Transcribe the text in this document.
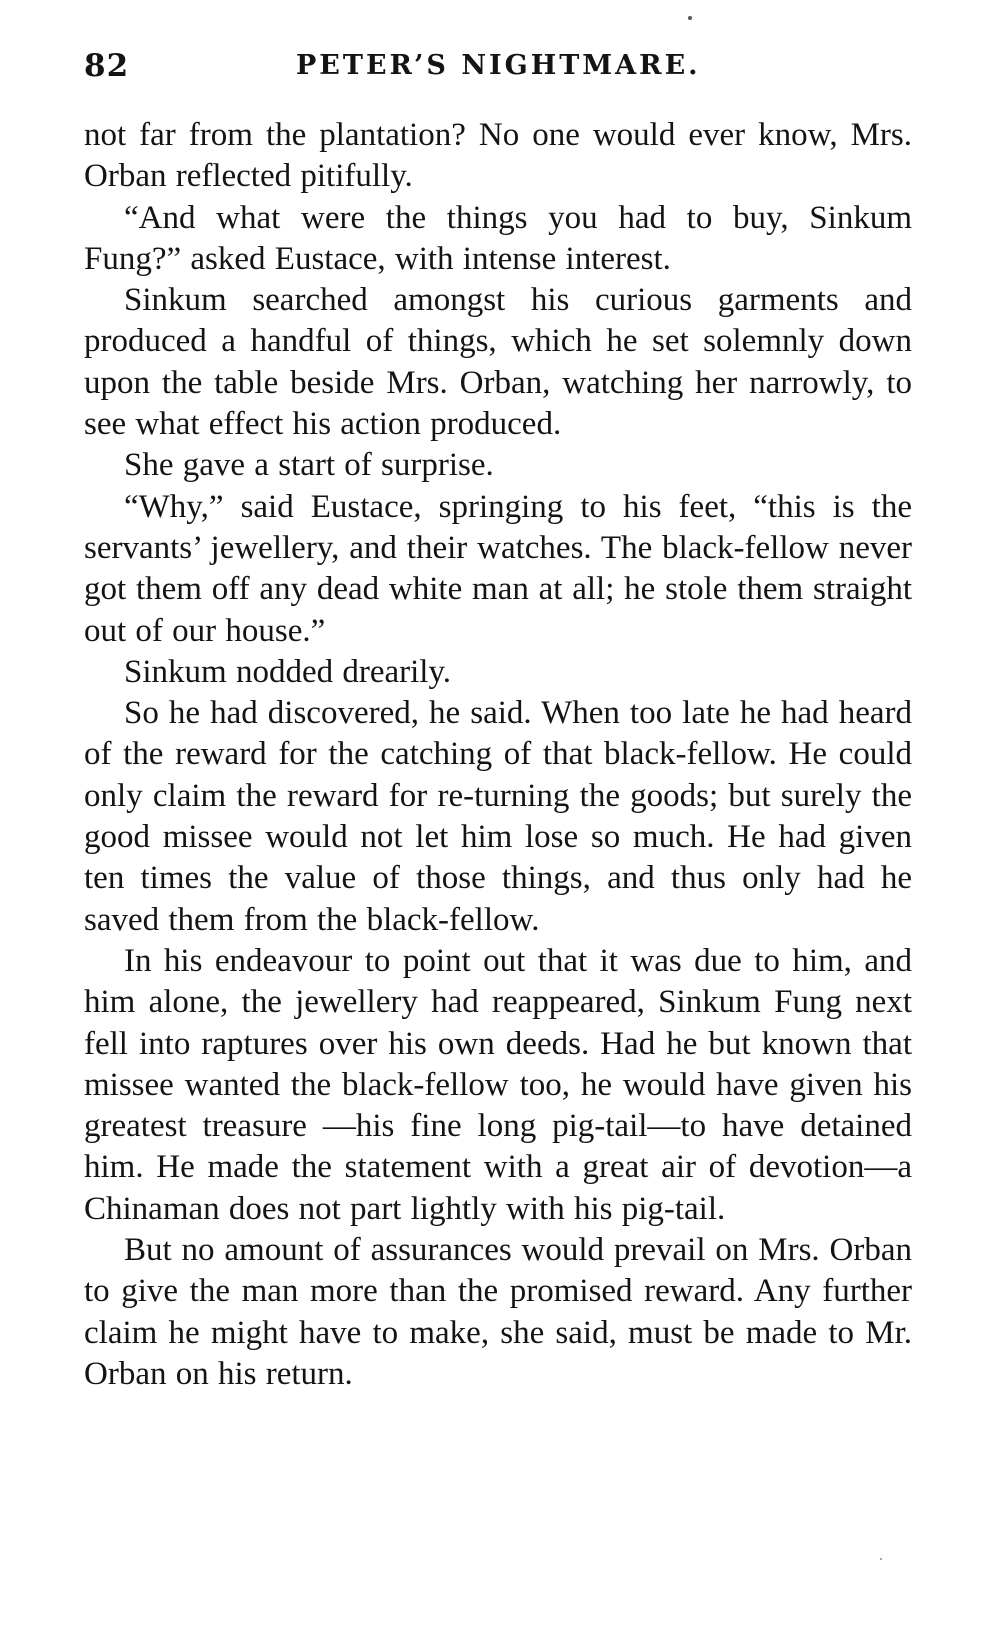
82	PETER’S NIGHTMARE.

not far from the plantation? No one would ever know, Mrs. Orban reflected pitifully.

“And what were the things you had to buy, Sinkum Fung?” asked Eustace, with intense interest.

Sinkum searched amongst his curious garments and produced a handful of things, which he set solemnly down upon the table beside Mrs. Orban, watching her narrowly, to see what effect his action produced.

She gave a start of surprise.

“Why,” said Eustace, springing to his feet, “this is the servants’ jewellery, and their watches. The black-fellow never got them off any dead white man at all; he stole them straight out of our house.”

Sinkum nodded drearily.

So he had discovered, he said. When too late he had heard of the reward for the catching of that black-fellow. He could only claim the reward for re-turning the goods; but surely the good missee would not let him lose so much. He had given ten times the value of those things, and thus only had he saved them from the black-fellow.

In his endeavour to point out that it was due to him, and him alone, the jewellery had reappeared, Sinkum Fung next fell into raptures over his own deeds. Had he but known that missee wanted the black-fellow too, he would have given his greatest treasure —his fine long pig-tail—to have detained him. He made the statement with a great air of devotion—a Chinaman does not part lightly with his pig-tail.

But no amount of assurances would prevail on Mrs. Orban to give the man more than the promised reward. Any further claim he might have to make, she said, must be made to Mr. Orban on his return.
